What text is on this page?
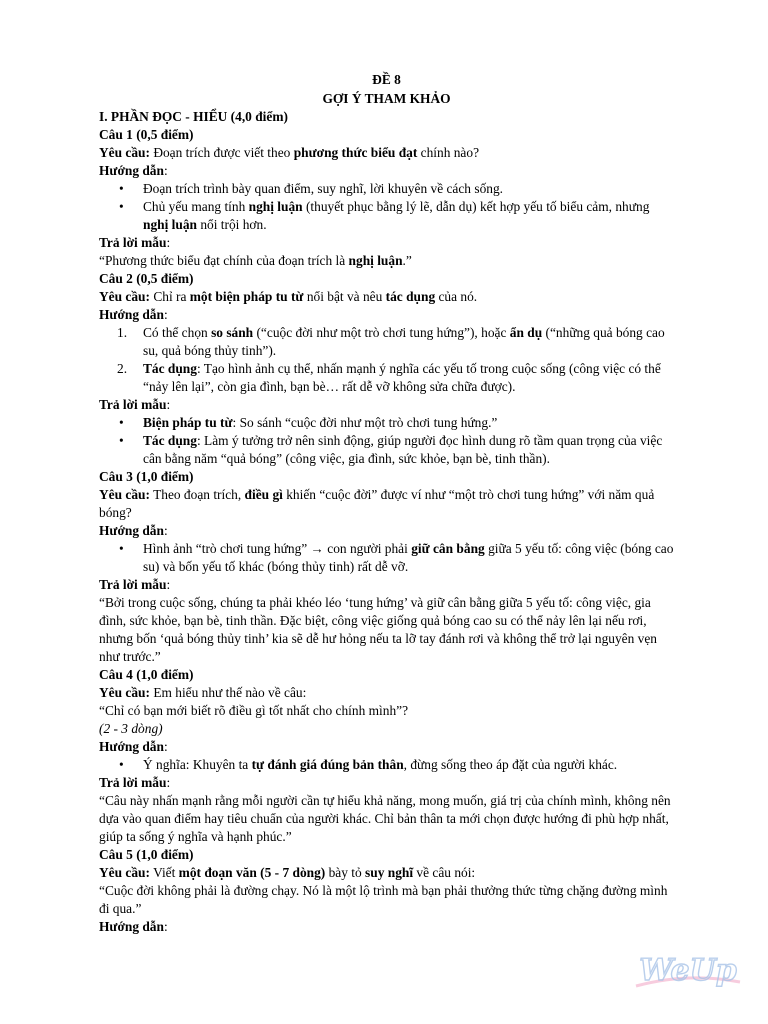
ĐỀ 8

GỢI Ý THAM KHẢO

I. PHẦN ĐỌC - HIỂU (4,0 điểm)

Câu 1 (0,5 điểm)

Yêu cầu: Đoạn trích được viết theo phương thức biểu đạt chính nào?

Hướng dẫn:

• Đoạn trích trình bày quan điểm, suy nghĩ, lời khuyên về cách sống.
• Chủ yếu mang tính nghị luận (thuyết phục bằng lý lẽ, dẫn dụ) kết hợp yếu tố biểu cảm, nhưng nghị luận nổi trội hơn.

Trả lời mẫu:

“Phương thức biểu đạt chính của đoạn trích là nghị luận.”

Câu 2 (0,5 điểm)

Yêu cầu: Chỉ ra một biện pháp tu từ nổi bật và nêu tác dụng của nó.

Hướng dẫn:

1. Có thể chọn so sánh (“cuộc đời như một trò chơi tung hứng”), hoặc ẩn dụ (“những quả bóng cao su, quả bóng thủy tinh”).
2. Tác dụng: Tạo hình ảnh cụ thể, nhấn mạnh ý nghĩa các yếu tố trong cuộc sống (công việc có thể “nảy lên lại”, còn gia đình, bạn bè… rất dễ vỡ không sửa chữa được).

Trả lời mẫu:

• Biện pháp tu từ: So sánh “cuộc đời như một trò chơi tung hứng.”
• Tác dụng: Làm ý tưởng trở nên sinh động, giúp người đọc hình dung rõ tầm quan trọng của việc cân bằng năm “quả bóng” (công việc, gia đình, sức khỏe, bạn bè, tinh thần).

Câu 3 (1,0 điểm)

Yêu cầu: Theo đoạn trích, điều gì khiến “cuộc đời” được ví như “một trò chơi tung hứng” với năm quả bóng?

Hướng dẫn:

• Hình ảnh “trò chơi tung hứng” → con người phải giữ cân bằng giữa 5 yếu tố: công việc (bóng cao su) và bốn yếu tố khác (bóng thủy tinh) rất dễ vỡ.

Trả lời mẫu:

“Bởi trong cuộc sống, chúng ta phải khéo léo ‘tung hứng’ và giữ cân bằng giữa 5 yếu tố: công việc, gia đình, sức khỏe, bạn bè, tinh thần. Đặc biệt, công việc giống quả bóng cao su có thể nảy lên lại nếu rơi, nhưng bốn ‘quả bóng thủy tinh’ kia sẽ dễ hư hỏng nếu ta lỡ tay đánh rơi và không thể trở lại nguyên vẹn như trước.”

Câu 4 (1,0 điểm)

Yêu cầu: Em hiểu như thế nào về câu:

“Chỉ có bạn mới biết rõ điều gì tốt nhất cho chính mình”?

(2 - 3 dòng)

Hướng dẫn:

• Ý nghĩa: Khuyên ta tự đánh giá đúng bản thân, đừng sống theo áp đặt của người khác.

Trả lời mẫu:

“Câu này nhấn mạnh rằng mỗi người cần tự hiểu khả năng, mong muốn, giá trị của chính mình, không nên dựa vào quan điểm hay tiêu chuẩn của người khác. Chỉ bản thân ta mới chọn được hướng đi phù hợp nhất, giúp ta sống ý nghĩa và hạnh phúc.”

Câu 5 (1,0 điểm)

Yêu cầu: Viết một đoạn văn (5 - 7 dòng) bày tỏ suy nghĩ về câu nói:

“Cuộc đời không phải là đường chạy. Nó là một lộ trình mà bạn phải thưởng thức từng chặng đường mình đi qua.”

Hướng dẫn:

WeUp
